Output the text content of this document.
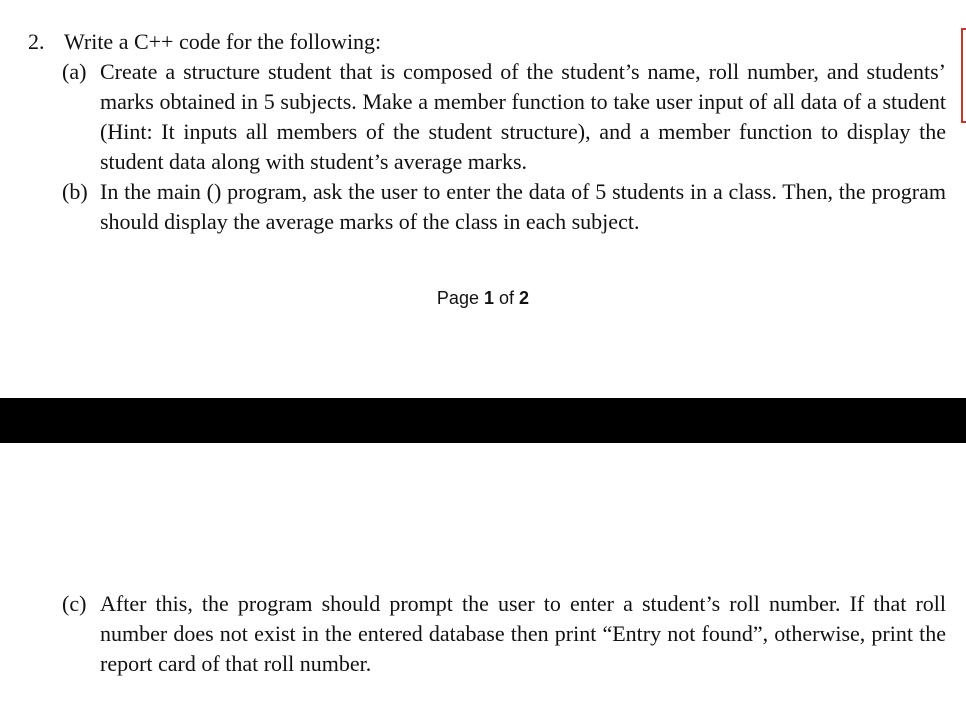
2. Write a C++ code for the following:
(a) Create a structure student that is composed of the student’s name, roll number, and students’ marks obtained in 5 subjects. Make a member function to take user input of all data of a student (Hint: It inputs all members of the student structure), and a member function to display the student data along with student’s average marks.
(b) In the main () program, ask the user to enter the data of 5 students in a class. Then, the program should display the average marks of the class in each subject.
Page 1 of 2
(c) After this, the program should prompt the user to enter a student’s roll number. If that roll number does not exist in the entered database then print “Entry not found”, otherwise, print the report card of that roll number.
